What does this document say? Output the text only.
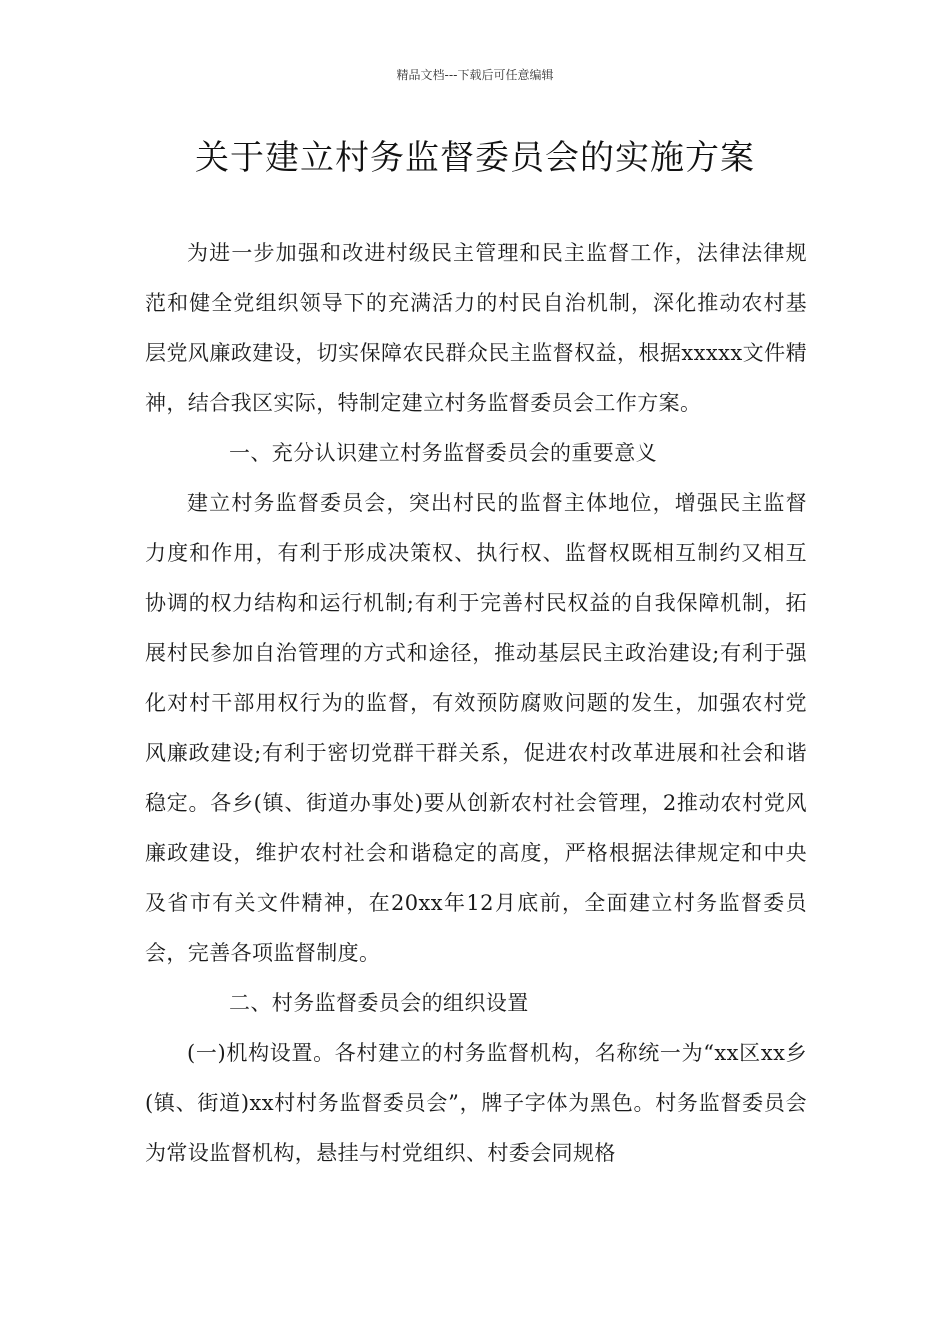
精品文档---下载后可任意编辑
关于建立村务监督委员会的实施方案

为进一步加强和改进村级民主管理和民主监督工作，法律法律规范和健全党组织领导下的充满活力的村民自治机制，深化推动农村基层党风廉政建设，切实保障农民群众民主监督权益，根据xxxxx文件精神，结合我区实际，特制定建立村务监督委员会工作方案。

一、充分认识建立村务监督委员会的重要意义

建立村务监督委员会，突出村民的监督主体地位，增强民主监督力度和作用，有利于形成决策权、执行权、监督权既相互制约又相互协调的权力结构和运行机制;有利于完善村民权益的自我保障机制，拓展村民参加自治管理的方式和途径，推动基层民主政治建设;有利于强化对村干部用权行为的监督，有效预防腐败问题的发生，加强农村党风廉政建设;有利于密切党群干群关系，促进农村改革进展和社会和谐稳定。各乡(镇、街道办事处)要从创新农村社会管理，2推动农村党风廉政建设，维护农村社会和谐稳定的高度，严格根据法律规定和中央及省市有关文件精神，在20xx年12月底前，全面建立村务监督委员会，完善各项监督制度。

二、村务监督委员会的组织设置

(一)机构设置。各村建立的村务监督机构，名称统一为“xx区xx乡(镇、街道)xx村村务监督委员会”，牌子字体为黑色。村务监督委员会为常设监督机构，悬挂与村党组织、村委会同规格
